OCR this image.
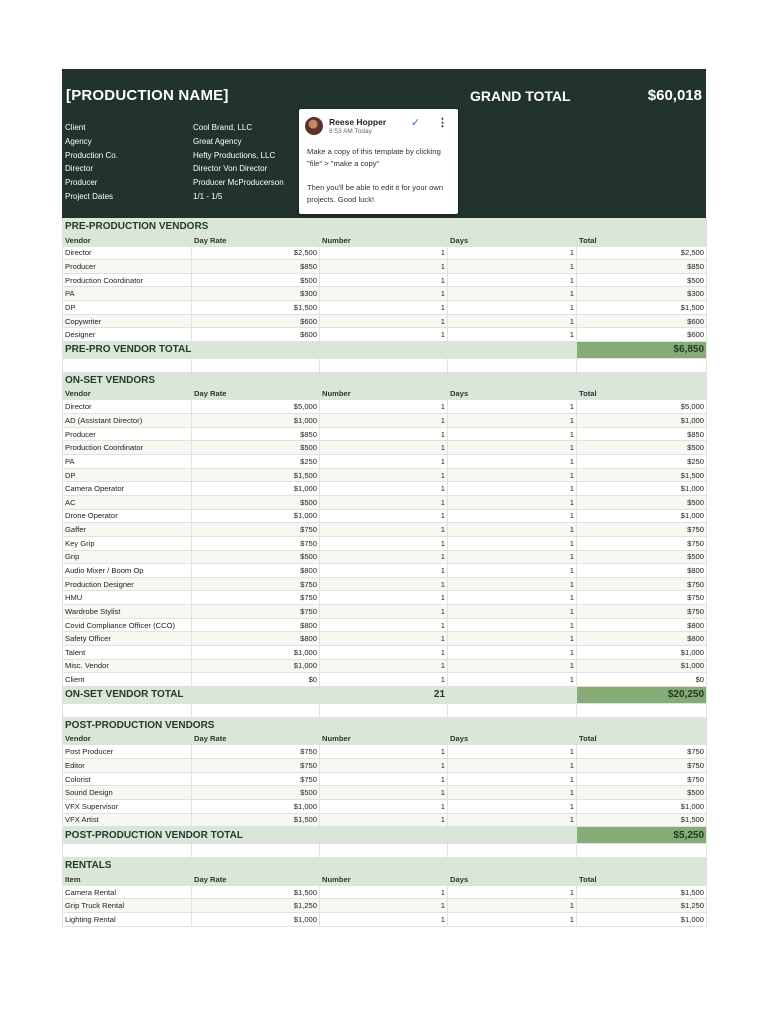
[PRODUCTION NAME]	GRAND TOTAL	$60,018
Client	Cool Brand, LLC
Agency	Great Agency
Production Co.	Hefty Productions, LLC
Director	Director Von Director
Producer	Producer McProducerson
Project Dates	1/1 - 1/5
Reese Hopper
8:53 AM Today
✓ ⋮

Make a copy of this template by clicking "file" > "make a copy"

Then you'll be able to edit it for your own projects. Good luck!

PRE-PRODUCTION VENDORS				
Vendor	Day Rate	Number	Days	Total
Director	$2,500	1	1	$2,500
Producer	$850	1	1	$850
Production Coordinator	$500	1	1	$500
PA	$300	1	1	$300
DP	$1,500	1	1	$1,500
Copywriter	$600	1	1	$600
Designer	$600	1	1	$600
PRE-PRO VENDOR TOTAL				$6,850

ON-SET VENDORS				
Vendor	Day Rate	Number	Days	Total
Director	$5,000	1	1	$5,000
AD (Assistant Director)	$1,000	1	1	$1,000
Producer	$850	1	1	$850
Production Coordinator	$500	1	1	$500
PA	$250	1	1	$250
DP	$1,500	1	1	$1,500
Camera Operator	$1,000	1	1	$1,000
AC	$500	1	1	$500
Drone Operator	$1,000	1	1	$1,000
Gaffer	$750	1	1	$750
Key Grip	$750	1	1	$750
Grip	$500	1	1	$500
Audio Mixer / Boom Op	$800	1	1	$800
Production Designer	$750	1	1	$750
HMU	$750	1	1	$750
Wardrobe Stylist	$750	1	1	$750
Covid Compliance Officer (CCO)	$800	1	1	$800
Safety Officer	$800	1	1	$800
Talent	$1,000	1	1	$1,000
Misc. Vendor	$1,000	1	1	$1,000
Client	$0	1	1	$0
ON-SET VENDOR TOTAL		21		$20,250

POST-PRODUCTION VENDORS				
Vendor	Day Rate	Number	Days	Total
Post Producer	$750	1	1	$750
Editor	$750	1	1	$750
Colorist	$750	1	1	$750
Sound Design	$500	1	1	$500
VFX Supervisor	$1,000	1	1	$1,000
VFX Artist	$1,500	1	1	$1,500
POST-PRODUCTION VENDOR TOTAL				$5,250

RENTALS				
Item	Day Rate	Number	Days	Total
Camera Rental	$1,500	1	1	$1,500
Grip Truck Rental	$1,250	1	1	$1,250
Lighting Rental	$1,000	1	1	$1,000
